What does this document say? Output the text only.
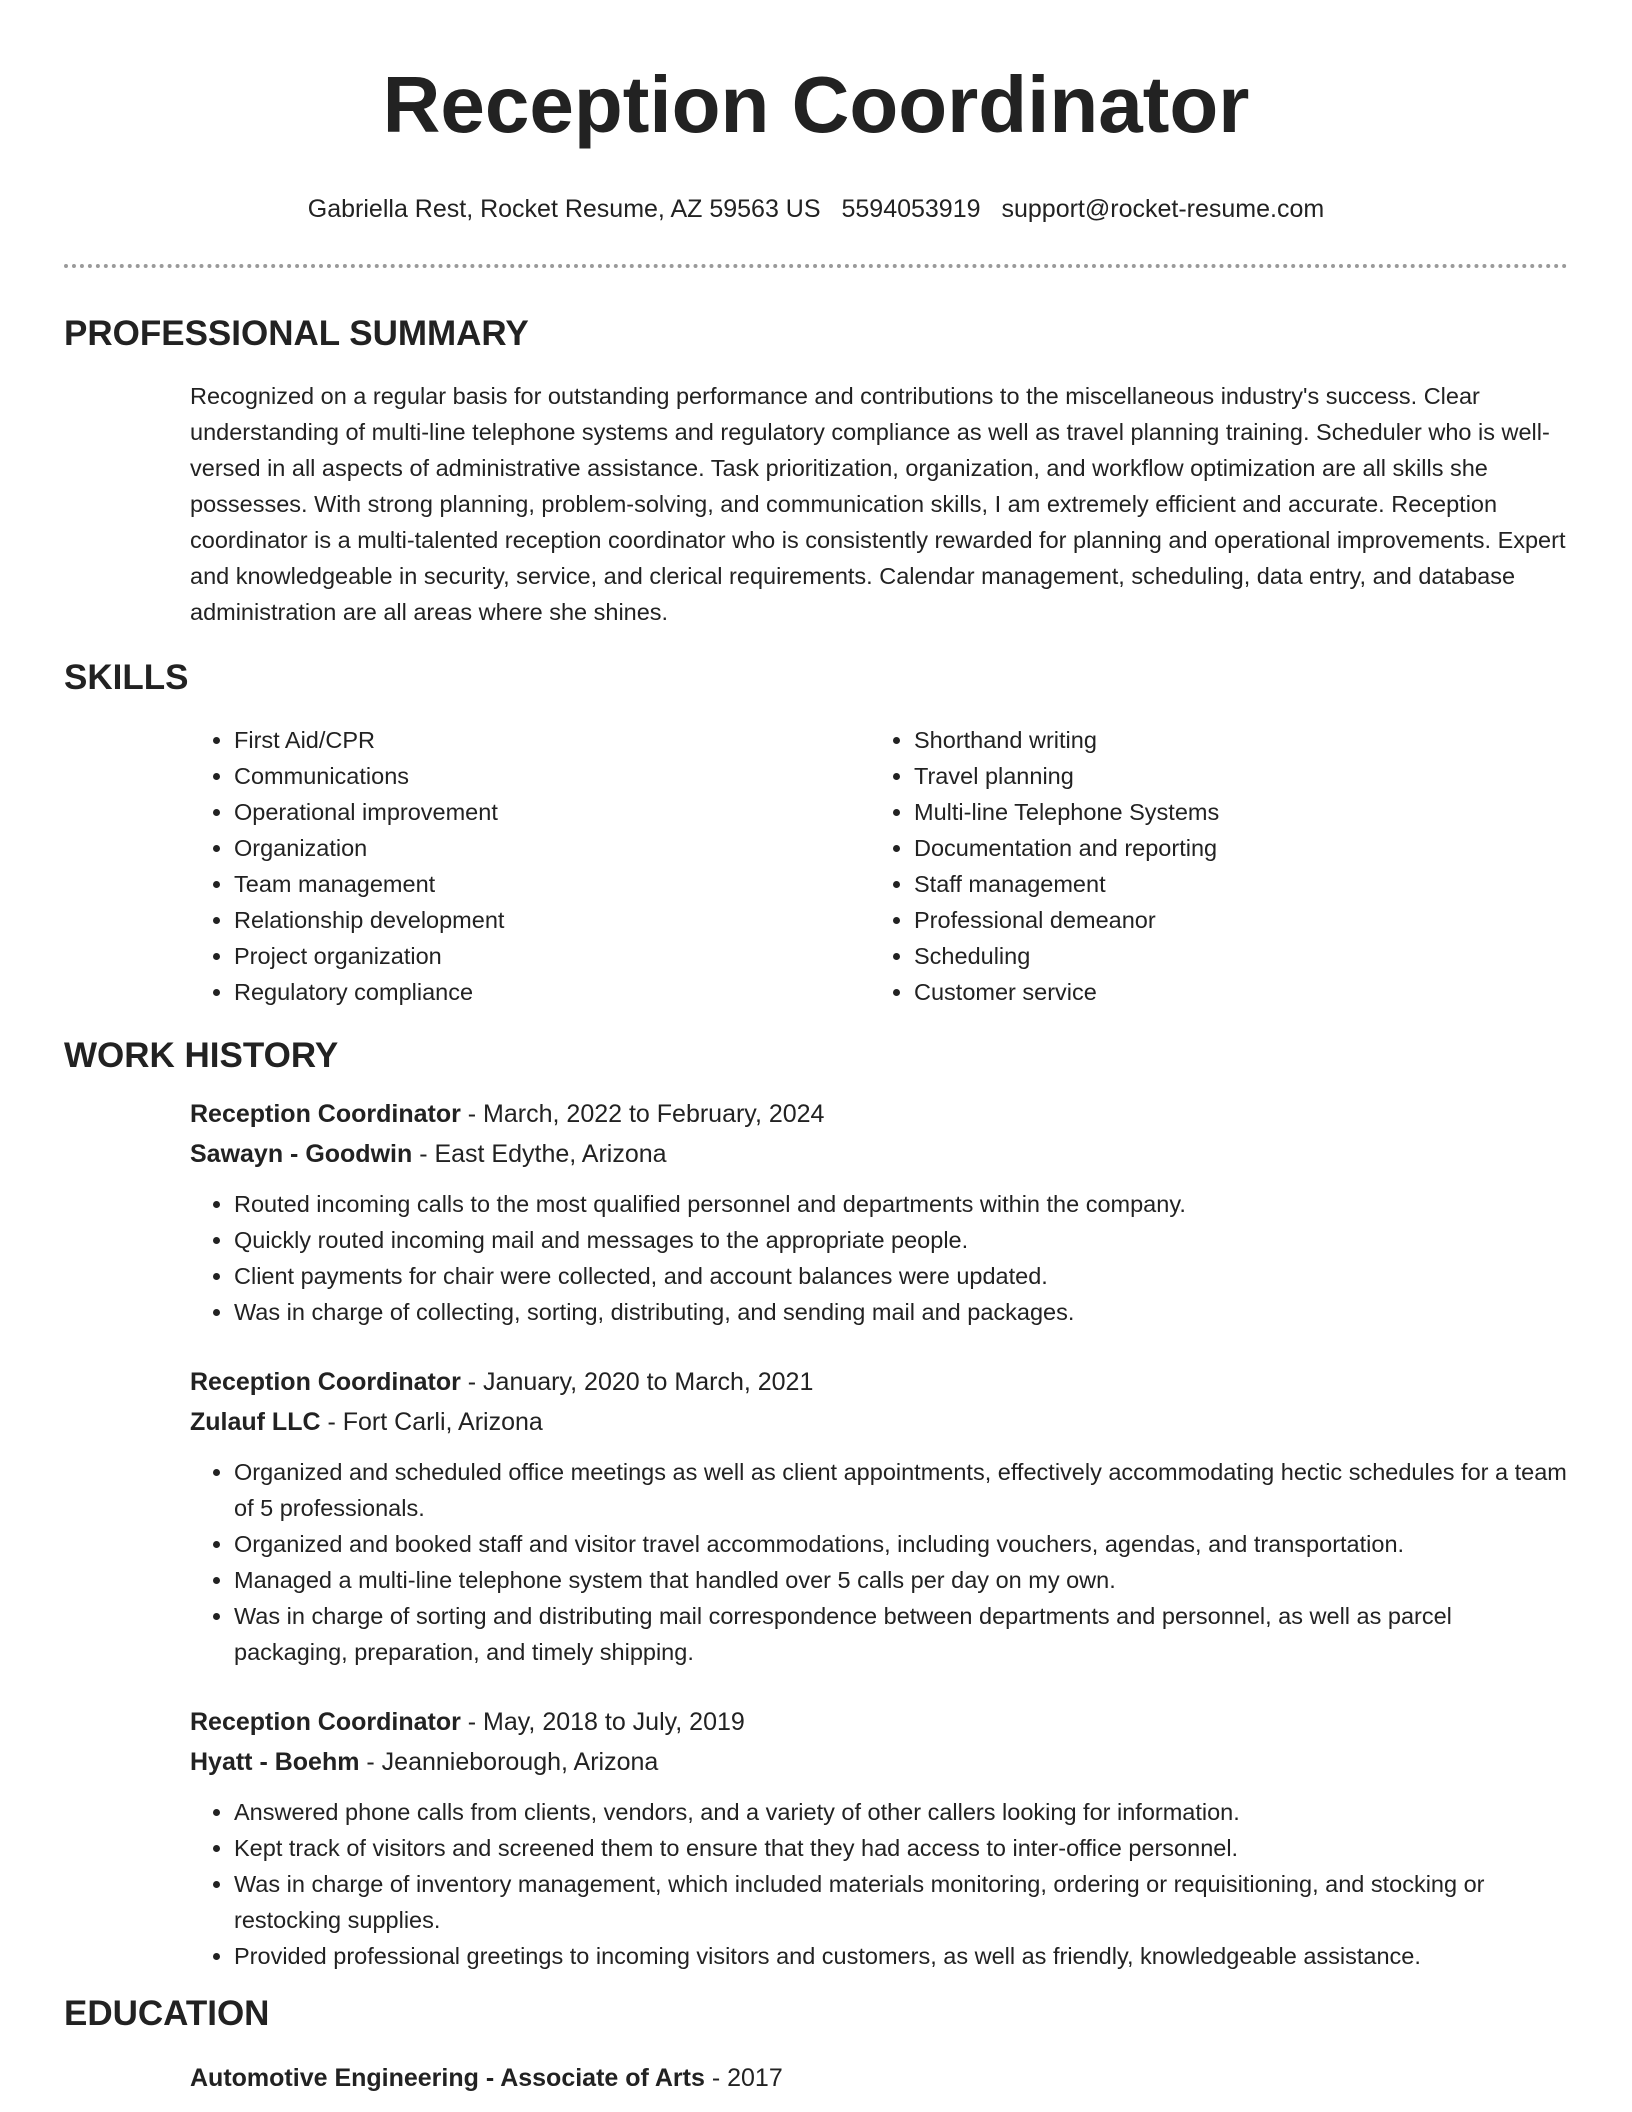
Reception Coordinator
Gabriella Rest, Rocket Resume, AZ 59563 US 5594053919 support@rocket-resume.com
PROFESSIONAL SUMMARY
Recognized on a regular basis for outstanding performance and contributions to the miscellaneous industry's success. Clear understanding of multi-line telephone systems and regulatory compliance as well as travel planning training. Scheduler who is well-versed in all aspects of administrative assistance. Task prioritization, organization, and workflow optimization are all skills she possesses. With strong planning, problem-solving, and communication skills, I am extremely efficient and accurate. Reception coordinator is a multi-talented reception coordinator who is consistently rewarded for planning and operational improvements. Expert and knowledgeable in security, service, and clerical requirements. Calendar management, scheduling, data entry, and database administration are all areas where she shines.
SKILLS
• First Aid/CPR
• Communications
• Operational improvement
• Organization
• Team management
• Relationship development
• Project organization
• Regulatory compliance
• Shorthand writing
• Travel planning
• Multi-line Telephone Systems
• Documentation and reporting
• Staff management
• Professional demeanor
• Scheduling
• Customer service
WORK HISTORY
Reception Coordinator - March, 2022 to February, 2024
Sawayn - Goodwin - East Edythe, Arizona
• Routed incoming calls to the most qualified personnel and departments within the company.
• Quickly routed incoming mail and messages to the appropriate people.
• Client payments for chair were collected, and account balances were updated.
• Was in charge of collecting, sorting, distributing, and sending mail and packages.
Reception Coordinator - January, 2020 to March, 2021
Zulauf LLC - Fort Carli, Arizona
• Organized and scheduled office meetings as well as client appointments, effectively accommodating hectic schedules for a team of 5 professionals.
• Organized and booked staff and visitor travel accommodations, including vouchers, agendas, and transportation.
• Managed a multi-line telephone system that handled over 5 calls per day on my own.
• Was in charge of sorting and distributing mail correspondence between departments and personnel, as well as parcel packaging, preparation, and timely shipping.
Reception Coordinator - May, 2018 to July, 2019
Hyatt - Boehm - Jeannieborough, Arizona
• Answered phone calls from clients, vendors, and a variety of other callers looking for information.
• Kept track of visitors and screened them to ensure that they had access to inter-office personnel.
• Was in charge of inventory management, which included materials monitoring, ordering or requisitioning, and stocking or restocking supplies.
• Provided professional greetings to incoming visitors and customers, as well as friendly, knowledgeable assistance.
EDUCATION
Automotive Engineering - Associate of Arts - 2017
